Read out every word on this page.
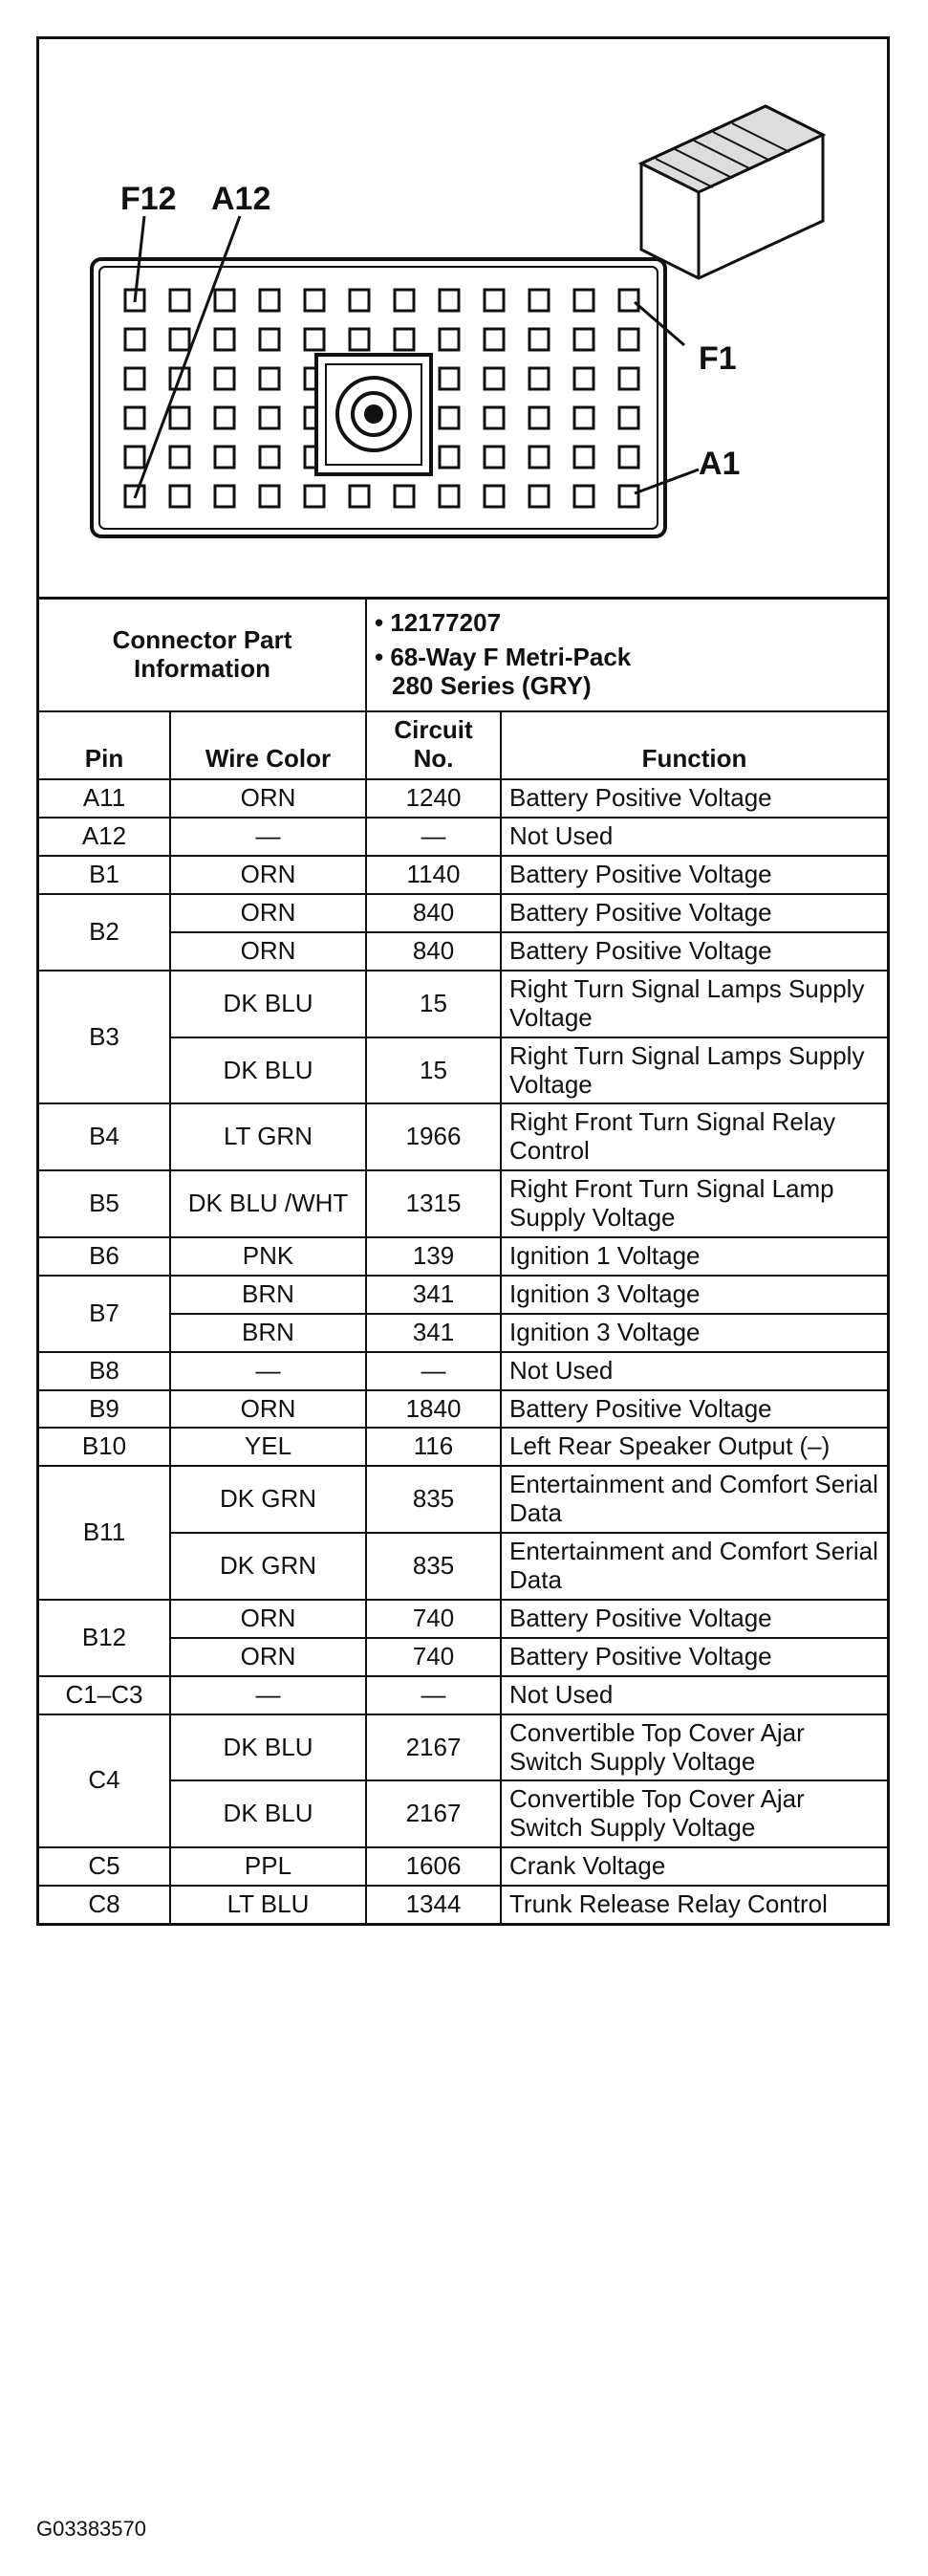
F12 A12
F1
A1
Connector Part Information		• 12177207
• 68-Way F Metri-Pack
280 Series (GRY)	

Pin	Wire Color	Circuit No.	Function
A11	ORN	1240	Battery Positive Voltage
A12	—	—	Not Used
B1	ORN	1140	Battery Positive Voltage
B2	ORN	840	Battery Positive Voltage
	ORN	840	Battery Positive Voltage
B3	DK BLU	15	Right Turn Signal Lamps Supply Voltage
	DK BLU	15	Right Turn Signal Lamps Supply Voltage
B4	LT GRN	1966	Right Front Turn Signal Relay Control
B5	DK BLU /WHT	1315	Right Front Turn Signal Lamp Supply Voltage
B6	PNK	139	Ignition 1 Voltage
B7	BRN	341	Ignition 3 Voltage
	BRN	341	Ignition 3 Voltage
B8	—	—	Not Used
B9	ORN	1840	Battery Positive Voltage
B10	YEL	116	Left Rear Speaker Output (–)
B11	DK GRN	835	Entertainment and Comfort Serial Data
	DK GRN	835	Entertainment and Comfort Serial Data
B12	ORN	740	Battery Positive Voltage
	ORN	740	Battery Positive Voltage
C1–C3	—	—	Not Used
C4	DK BLU	2167	Convertible Top Cover Ajar Switch Supply Voltage
	DK BLU	2167	Convertible Top Cover Ajar Switch Supply Voltage
C5	PPL	1606	Crank Voltage
C8	LT BLU	1344	Trunk Release Relay Control
G03383570
